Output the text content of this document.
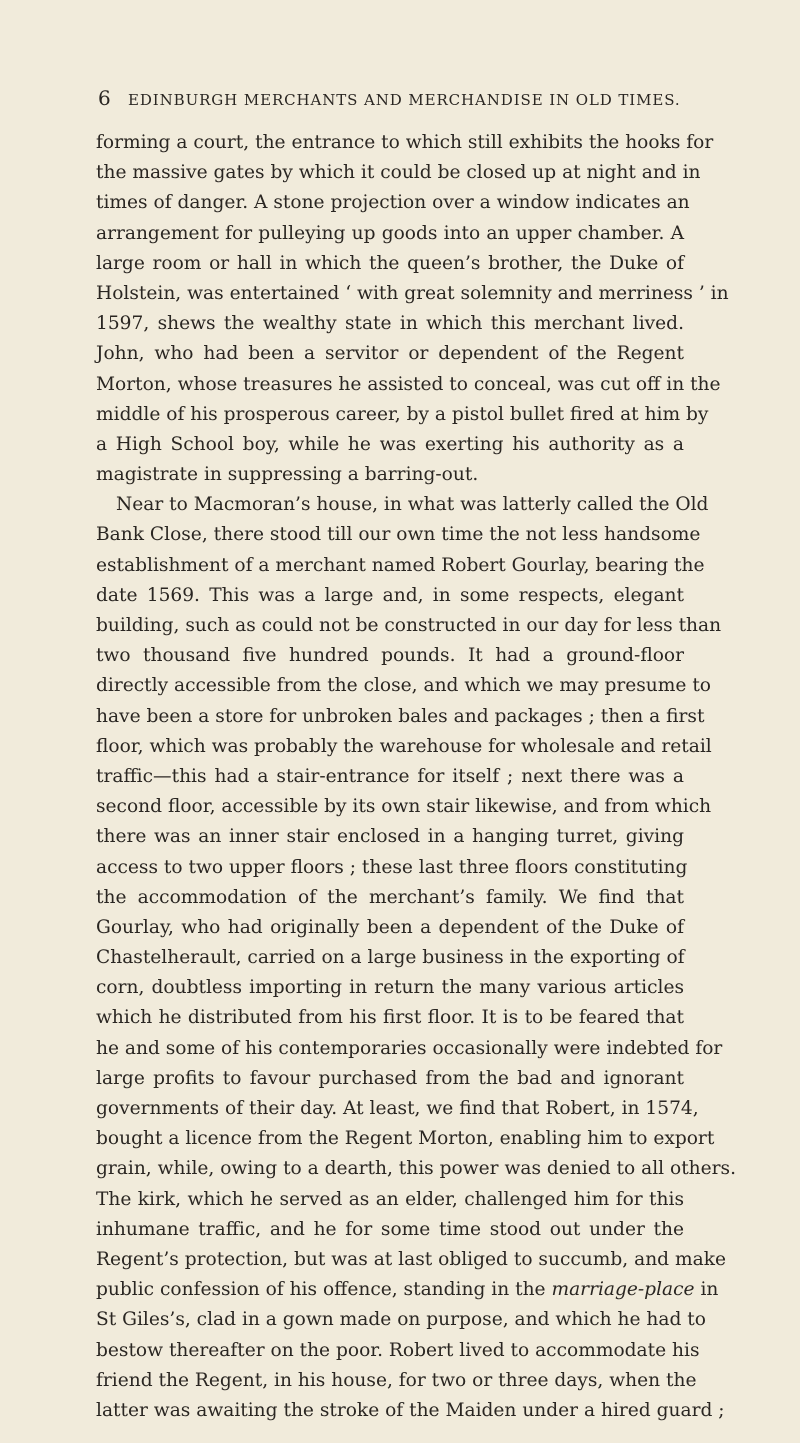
6 EDINBURGH MERCHANTS AND MERCHANDISE IN OLD TIMES.
forming a court, the entrance to which still exhibits the hooks for
the massive gates by which it could be closed up at night and in
times of danger. A stone projection over a window indicates an
arrangement for pulleying up goods into an upper chamber. A
large room or hall in which the queen’s brother, the Duke of
Holstein, was entertained ‘ with great solemnity and merriness ’ in
1597, shews the wealthy state in which this merchant lived.
John, who had been a servitor or dependent of the Regent
Morton, whose treasures he assisted to conceal, was cut off in the
middle of his prosperous career, by a pistol bullet fired at him by
a High School boy, while he was exerting his authority as a
magistrate in suppressing a barring-out.
Near to Macmoran’s house, in what was latterly called the Old
Bank Close, there stood till our own time the not less handsome
establishment of a merchant named Robert Gourlay, bearing the
date 1569. This was a large and, in some respects, elegant
building, such as could not be constructed in our day for less than
two thousand five hundred pounds. It had a ground-floor
directly accessible from the close, and which we may presume to
have been a store for unbroken bales and packages ; then a first
floor, which was probably the warehouse for wholesale and retail
traffic—this had a stair-entrance for itself ; next there was a
second floor, accessible by its own stair likewise, and from which
there was an inner stair enclosed in a hanging turret, giving
access to two upper floors ; these last three floors constituting
the accommodation of the merchant’s family. We find that
Gourlay, who had originally been a dependent of the Duke of
Chastelherault, carried on a large business in the exporting of
corn, doubtless importing in return the many various articles
which he distributed from his first floor. It is to be feared that
he and some of his contemporaries occasionally were indebted for
large profits to favour purchased from the bad and ignorant
governments of their day. At least, we find that Robert, in 1574,
bought a licence from the Regent Morton, enabling him to export
grain, while, owing to a dearth, this power was denied to all others.
The kirk, which he served as an elder, challenged him for this
inhumane traffic, and he for some time stood out under the
Regent’s protection, but was at last obliged to succumb, and make
public confession of his offence, standing in the marriage-place in
St Giles’s, clad in a gown made on purpose, and which he had to
bestow thereafter on the poor. Robert lived to accommodate his
friend the Regent, in his house, for two or three days, when the
latter was awaiting the stroke of the Maiden under a hired guard ;
